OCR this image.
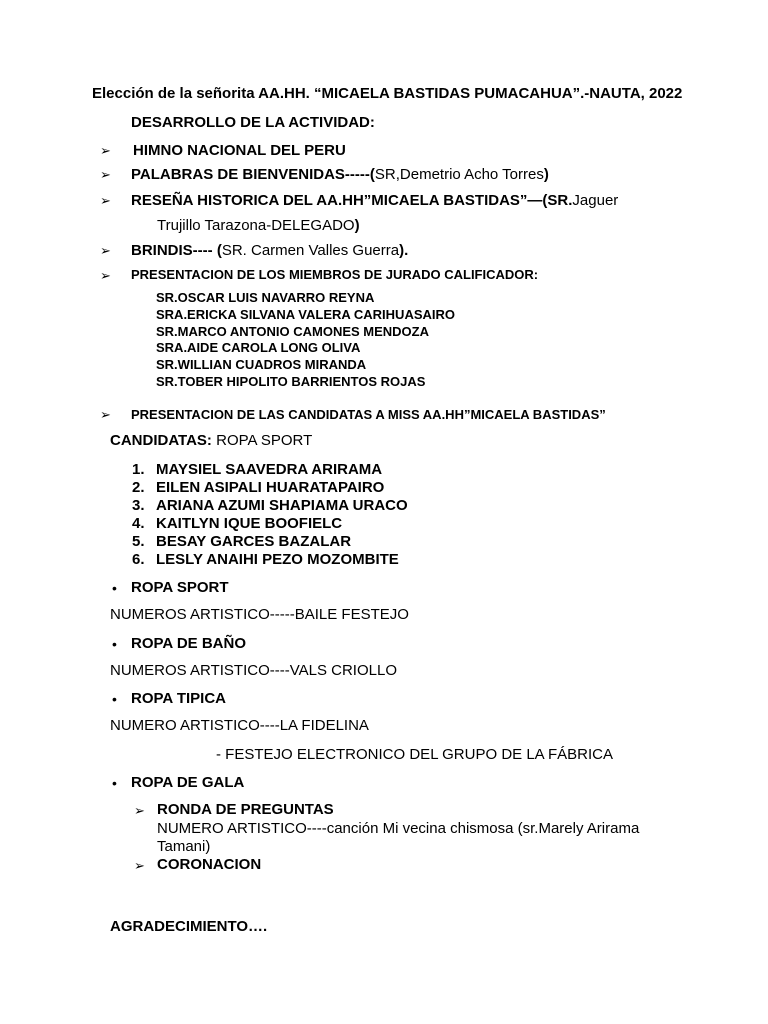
Elección de la señorita AA.HH. “MICAELA BASTIDAS PUMACAHUA”.-NAUTA, 2022
DESARROLLO DE LA ACTIVIDAD:
➢ HIMNO NACIONAL DEL PERU
➢ PALABRAS DE BIENVENIDAS-----(SR,Demetrio Acho Torres)
➢ RESEÑA HISTORICA DEL AA.HH”MICAELA BASTIDAS”—(SR.Jaguer
Trujillo Tarazona-DELEGADO)
➢ BRINDIS---- (SR. Carmen Valles Guerra).
➢ PRESENTACION DE LOS MIEMBROS DE JURADO CALIFICADOR:
SR.OSCAR LUIS NAVARRO REYNA
SRA.ERICKA SILVANA VALERA CARIHUASAIRO
SR.MARCO ANTONIO CAMONES MENDOZA
SRA.AIDE CAROLA LONG OLIVA
SR.WILLIAN CUADROS MIRANDA
SR.TOBER HIPOLITO BARRIENTOS ROJAS
➢ PRESENTACION DE LAS CANDIDATAS A MISS AA.HH”MICAELA BASTIDAS”
CANDIDATAS: ROPA SPORT
1. MAYSIEL SAAVEDRA ARIRAMA
2. EILEN ASIPALI HUARATAPAIRO
3. ARIANA AZUMI SHAPIAMA URACO
4. KAITLYN IQUE BOOFIELC
5. BESAY GARCES BAZALAR
6. LESLY ANAIHI PEZO MOZOMBITE
• ROPA SPORT
NUMEROS ARTISTICO-----BAILE FESTEJO
• ROPA DE BAÑO
NUMEROS ARTISTICO----VALS CRIOLLO
• ROPA TIPICA
NUMERO ARTISTICO----LA FIDELINA
- FESTEJO ELECTRONICO DEL GRUPO DE LA FÁBRICA
• ROPA DE GALA
➢ RONDA DE PREGUNTAS
NUMERO ARTISTICO----canción Mi vecina chismosa (sr.Marely Arirama
Tamani)
➢ CORONACION
AGRADECIMIENTO….
